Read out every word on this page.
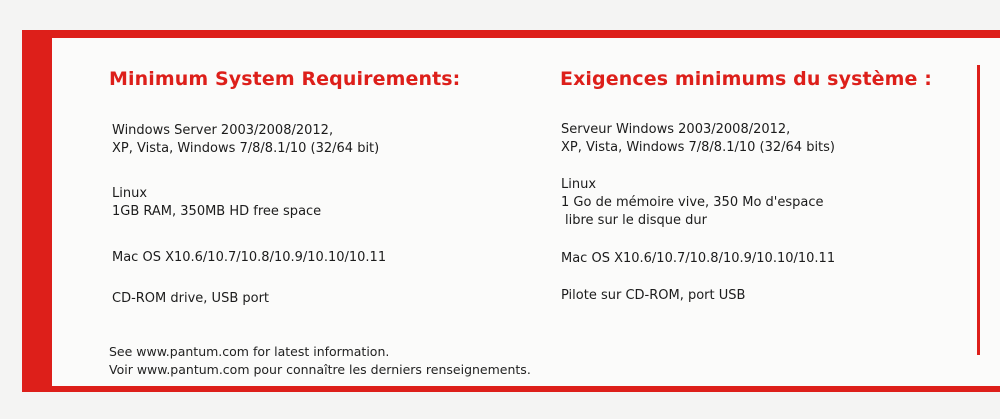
Minimum System Requirements:
Windows Server 2003/2008/2012,
XP, Vista, Windows 7/8/8.1/10 (32/64 bit)
Linux
1GB RAM, 350MB HD free space
Mac OS X10.6/10.7/10.8/10.9/10.10/10.11
CD-ROM drive, USB port
Exigences minimums du système :
Serveur Windows 2003/2008/2012,
XP, Vista, Windows 7/8/8.1/10 (32/64 bits)
Linux
1 Go de mémoire vive, 350 Mo d'espace
libre sur le disque dur
Mac OS X10.6/10.7/10.8/10.9/10.10/10.11
Pilote sur CD-ROM, port USB
See www.pantum.com for latest information.
Voir www.pantum.com pour connaître les derniers renseignements.
